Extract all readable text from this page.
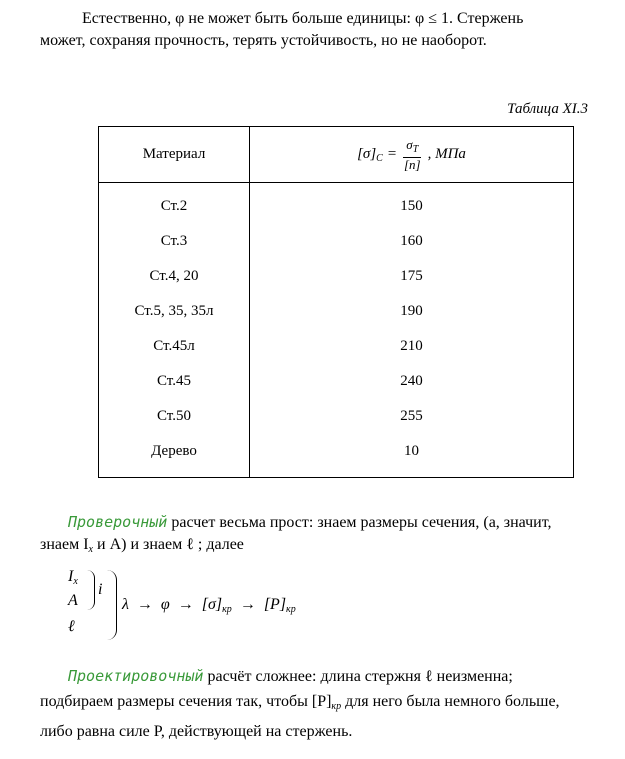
Естественно, φ не может быть больше единицы: φ ≤ 1. Стержень
может, сохраняя прочность, терять устойчивость, но не наоборот.
Таблица XI.3
Материал	$[\sigma]_C = \frac{\sigma_T}{[n]}$ , МПа

Ст.2	150
Ст.3	160
Ст.4, 20	175
Ст.5, 35, 35л	190
Ст.45л	210
Ст.45	240
Ст.50	255
Дерево	10
Проверочный расчет весьма прост: знаем размеры сечения, (а, значит,
знаем $I_x$ и A) и знаем ℓ ; далее
$I_x$
A
ℓ
i
$\lambda \to \varphi \to [\sigma]_{кр} \to [P]_{кр}$
Проектировочный расчёт сложнее: длина стержня ℓ неизменна;
подбираем размеры сечения так, чтобы $[P]_{кр}$ для него была немного больше,
либо равна силе P, действующей на стержень.
